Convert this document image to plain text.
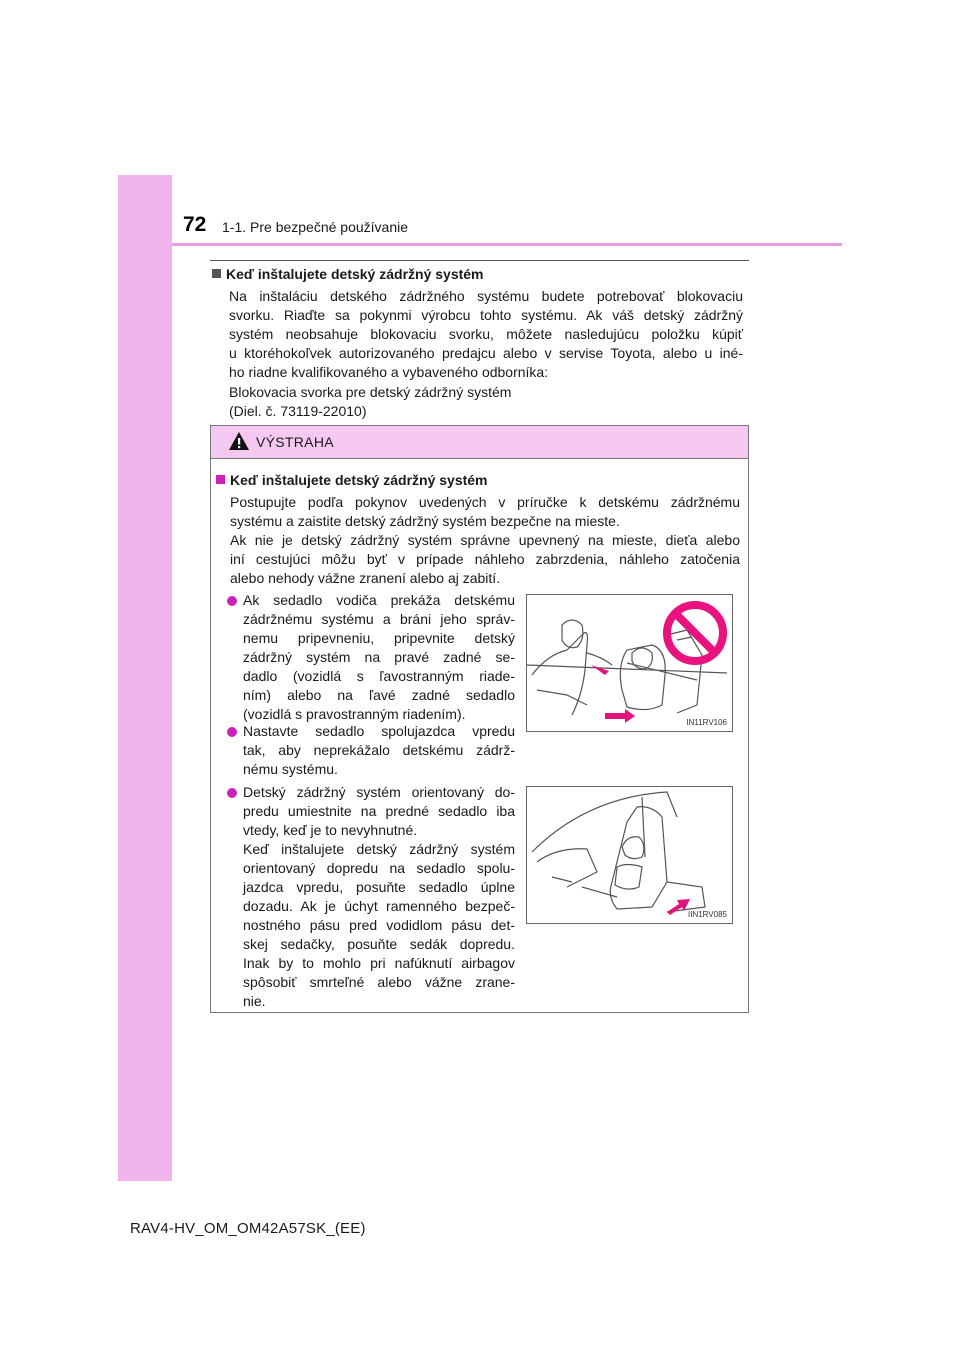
72 1-1. Pre bezpečné používanie
Keď inštalujete detský zádržný systém
Na inštaláciu detského zádržného systému budete potrebovať blokovaciu
svorku. Riaďte sa pokynmi výrobcu tohto systému. Ak váš detský zádržný
systém neobsahuje blokovaciu svorku, môžete nasledujúcu položku kúpiť
u ktoréhokoľvek autorizovaného predajcu alebo v servise Toyota, alebo u iné-
ho riadne kvalifikovaného a vybaveného odborníka:
Blokovacia svorka pre detský zádržný systém
(Diel. č. 73119-22010)
VÝSTRAHA
Keď inštalujete detský zádržný systém
Postupujte podľa pokynov uvedených v príručke k detskému zádržnému
systému a zaistite detský zádržný systém bezpečne na mieste.
Ak nie je detský zádržný systém správne upevnený na mieste, dieťa alebo
iní cestujúci môžu byť v prípade náhleho zabrzdenia, náhleho zatočenia
alebo nehody vážne zranení alebo aj zabití.
Ak sedadlo vodiča prekáža detskému
zádržnému systému a bráni jeho správ-
nemu pripevneniu, pripevnite detský
zádržný systém na pravé zadné se-
dadlo (vozidlá s ľavostranným riade-
ním) alebo na ľavé zadné sedadlo
(vozidlá s pravostranným riadením).
Nastavte sedadlo spolujazdca vpredu
tak, aby neprekážalo detskému zádrž-
nému systému.
Detský zádržný systém orientovaný do-
predu umiestnite na predné sedadlo iba
vtedy, keď je to nevyhnutné.
Keď inštalujete detský zádržný systém
orientovaný dopredu na sedadlo spolu-
jazdca vpredu, posuňte sedadlo úplne
dozadu. Ak je úchyt ramenného bezpeč-
nostného pásu pred vodidlom pásu det-
skej sedačky, posuňte sedák dopredu.
Inak by to mohlo pri nafúknutí airbagov
spôsobiť smrteľné alebo vážne zrane-
nie.
IN11RV106
IIN1RV085
RAV4-HV_OM_OM42A57SK_(EE)
